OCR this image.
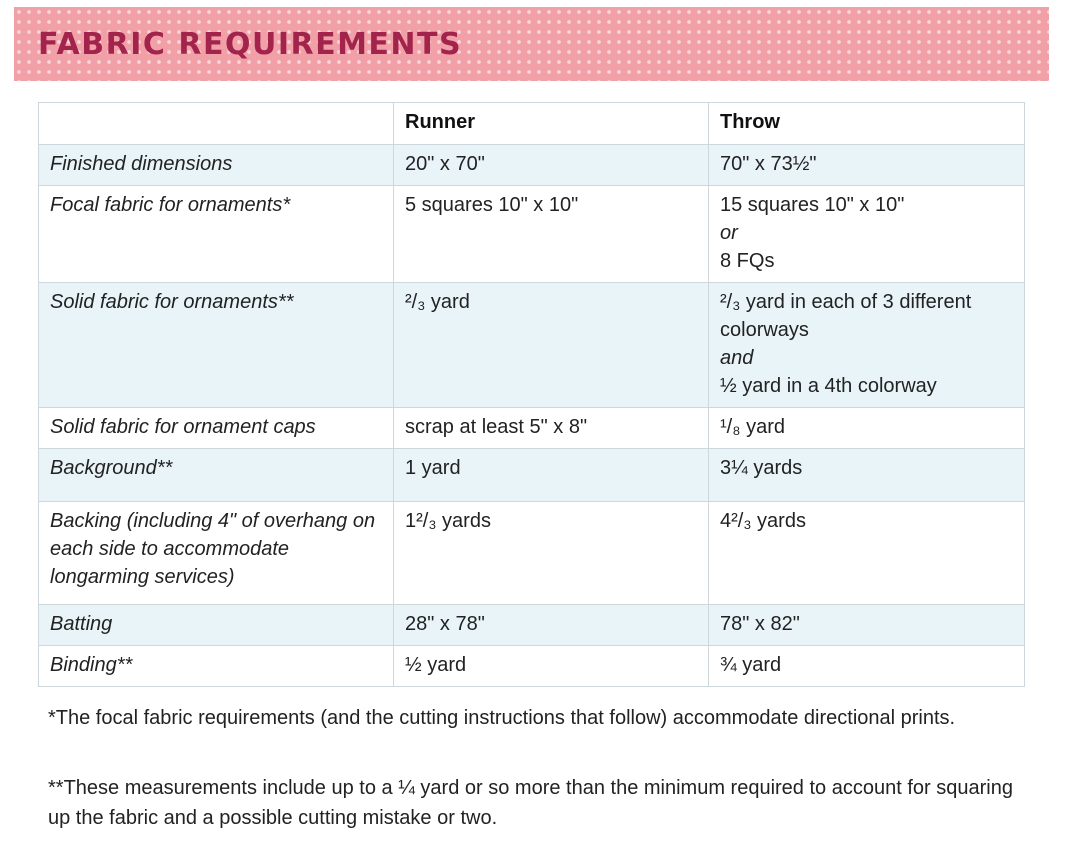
FABRIC REQUIREMENTS
	Runner	Throw
Finished dimensions	20" x 70"	70" x 73½"
Focal fabric for ornaments*	5 squares 10" x 10"	15 squares 10" x 10"
or
8 FQs

Solid fabric for ornaments**	²/₃ yard	²/₃ yard in each of 3 different colorways
and
½ yard in a 4th colorway

Solid fabric for ornament caps	scrap at least 5" x 8"	¹/₈ yard
Background**	1 yard	3¼ yards
Backing (including 4" of overhang on each side to accommodate longarming services)	1²/₃ yards	4²/₃ yards
Batting	28" x 78"	78" x 82"
Binding**	½ yard	¾ yard

*The focal fabric requirements (and the cutting instructions that follow) accommodate directional prints.

**These measurements include up to a ¼ yard or so more than the minimum required to account for squaring up the fabric and a possible cutting mistake or two.
